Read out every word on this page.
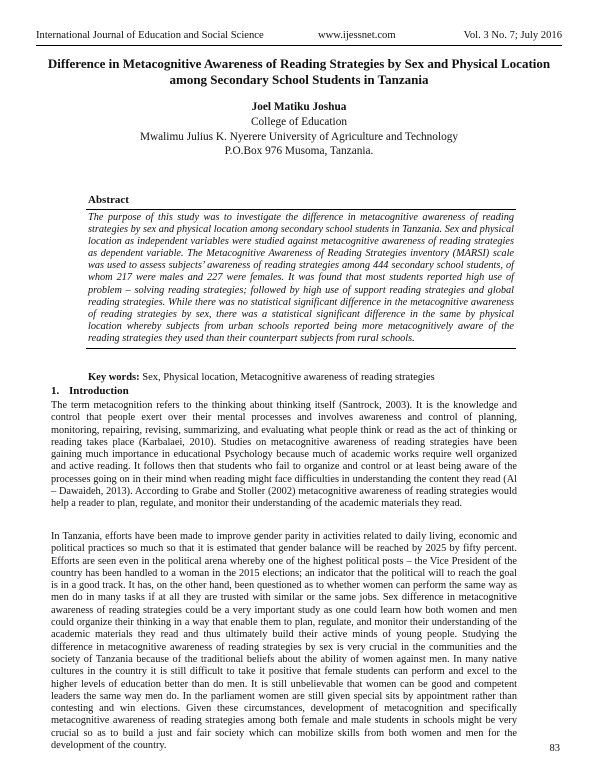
International Journal of Education and Social Science	www.ijessnet.com	Vol. 3 No. 7; July 2016
Difference in Metacognitive Awareness of Reading Strategies by Sex and Physical Location among Secondary School Students in Tanzania
Joel Matiku Joshua
College of Education
Mwalimu Julius K. Nyerere University of Agriculture and Technology
P.O.Box 976 Musoma, Tanzania.
Abstract

The purpose of this study was to investigate the difference in metacognitive awareness of reading strategies by sex and physical location among secondary school students in Tanzania. Sex and physical location as independent variables were studied against metacognitive awareness of reading strategies as dependent variable. The Metacognitive Awareness of Reading Strategies inventory (MARSI) scale was used to assess subjects’ awareness of reading strategies among 444 secondary school students, of whom 217 were males and 227 were females. It was found that most students reported high use of problem – solving reading strategies; followed by high use of support reading strategies and global reading strategies. While there was no statistical significant difference in the metacognitive awareness of reading strategies by sex, there was a statistical significant difference in the same by physical location whereby subjects from urban schools reported being more metacognitively aware of the reading strategies they used than their counterpart subjects from rural schools.

Key words: Sex, Physical location, Metacognitive awareness of reading strategies
1. Introduction

The term metacognition refers to the thinking about thinking itself (Santrock, 2003). It is the knowledge and control that people exert over their mental processes and involves awareness and control of planning, monitoring, repairing, revising, summarizing, and evaluating what people think or read as the act of thinking or reading takes place (Karbalaei, 2010). Studies on metacognitive awareness of reading strategies have been gaining much importance in educational Psychology because much of academic works require well organized and active reading. It follows then that students who fail to organize and control or at least being aware of the processes going on in their mind when reading might face difficulties in understanding the content they read (Al – Dawaideh, 2013). According to Grabe and Stoller (2002) metacognitive awareness of reading strategies would help a reader to plan, regulate, and monitor their understanding of the academic materials they read.

In Tanzania, efforts have been made to improve gender parity in activities related to daily living, economic and political practices so much so that it is estimated that gender balance will be reached by 2025 by fifty percent. Efforts are seen even in the political arena whereby one of the highest political posts – the Vice President of the country has been handled to a woman in the 2015 elections; an indicator that the political will to reach the goal is in a good track. It has, on the other hand, been questioned as to whether women can perform the same way as men do in many tasks if at all they are trusted with similar or the same jobs. Sex difference in metacognitive awareness of reading strategies could be a very important study as one could learn how both women and men could organize their thinking in a way that enable them to plan, regulate, and monitor their understanding of the academic materials they read and thus ultimately build their active minds of young people. Studying the difference in metacognitive awareness of reading strategies by sex is very crucial in the communities and the society of Tanzania because of the traditional beliefs about the ability of women against men. In many native cultures in the country it is still difficult to take it positive that female students can perform and excel to the higher levels of education better than do men. It is still unbelievable that women can be good and competent leaders the same way men do. In the parliament women are still given special sits by appointment rather than contesting and win elections. Given these circumstances, development of metacognition and specifically metacognitive awareness of reading strategies among both female and male students in schools might be very crucial so as to build a just and fair society which can mobilize skills from both women and men for the development of the country.	83
